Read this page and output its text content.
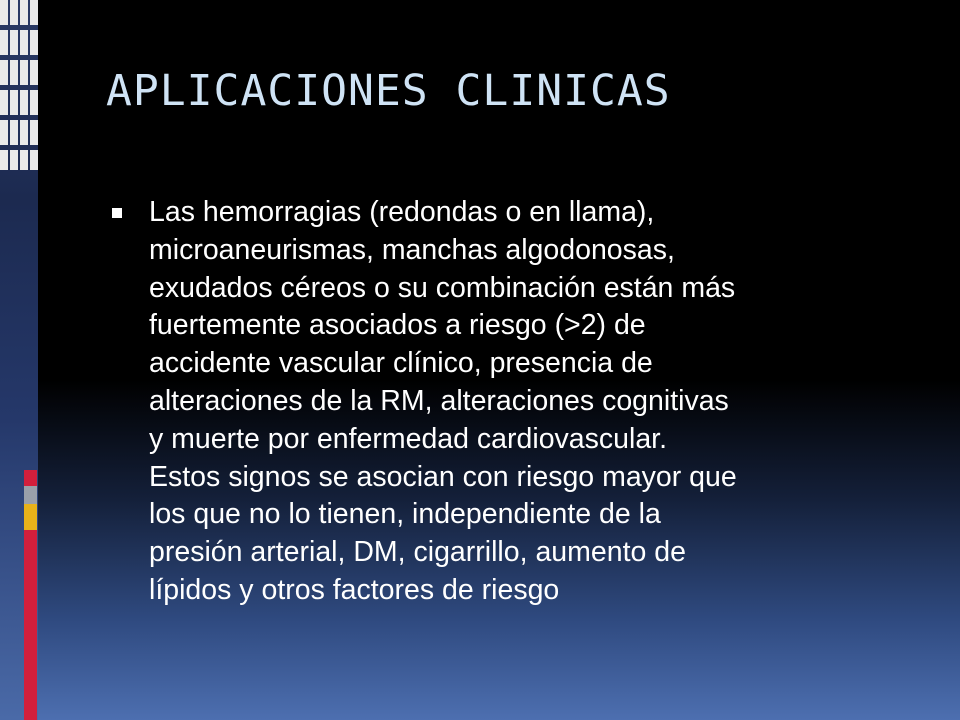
APLICACIONES CLINICAS
Las hemorragias (redondas o en llama),
microaneurismas, manchas algodonosas,
exudados céreos o su combinación están más
fuertemente asociados a riesgo (>2) de
accidente vascular clínico, presencia de
alteraciones de la RM, alteraciones cognitivas
y muerte por enfermedad cardiovascular.
Estos signos se asocian con riesgo mayor que
los que no lo tienen, independiente de la
presión arterial, DM, cigarrillo, aumento de
lípidos y otros factores de riesgo
